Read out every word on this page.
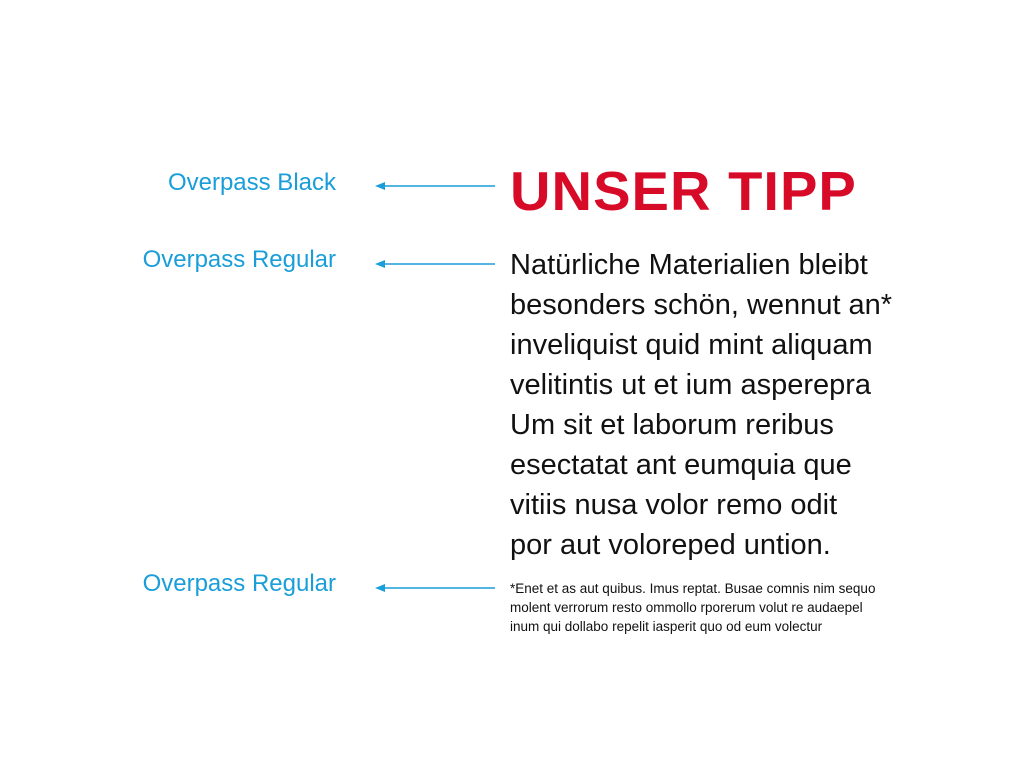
Overpass Black
Overpass Regular
Overpass Regular
UNSER TIPP
Natürliche Materialien bleibt
besonders schön, wennut an*
inveliquist quid mint aliquam
velitintis ut et ium asperepra
Um sit et laborum reribus
esectatat ant eumquia que
vitiis nusa volor remo odit
por aut voloreped untion.
*Enet et as aut quibus. Imus reptat. Busae comnis nim sequo
molent verrorum resto ommollo rporerum volut re audaepel
inum qui dollabo repelit iasperit quo od eum volectur
